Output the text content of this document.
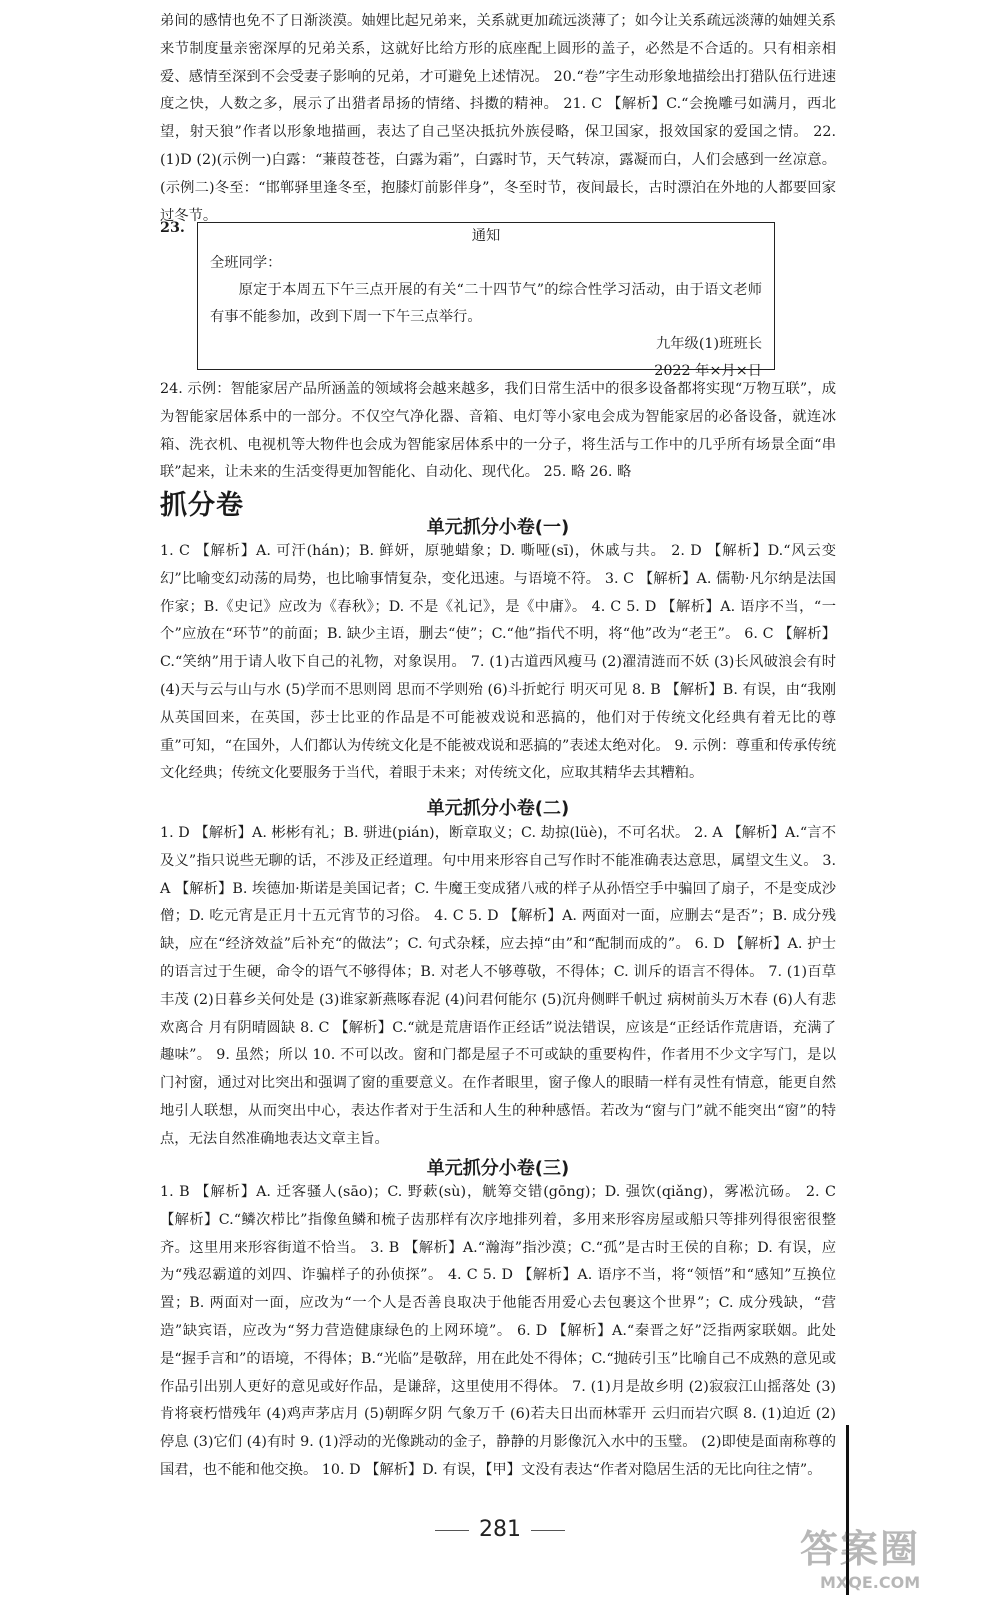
弟间的感情也免不了日渐淡漠。妯娌比起兄弟来，关系就更加疏远淡薄了；如今让关系疏远淡薄的妯娌关系来节制度量亲密深厚的兄弟关系，这就好比给方形的底座配上圆形的盖子，必然是不合适的。只有相亲相爱、感情至深到不会受妻子影响的兄弟，才可避免上述情况。 20.“卷”字生动形象地描绘出打猎队伍行进速度之快，人数之多，展示了出猎者昂扬的情绪、抖擞的精神。 21. C 【解析】C.“会挽雕弓如满月，西北望，射天狼”作者以形象地描画，表达了自己坚决抵抗外族侵略，保卫国家，报效国家的爱国之情。 22. (1)D (2)(示例一)白露：“蒹葭苍苍，白露为霜”，白露时节，天气转凉，露凝而白，人们会感到一丝凉意。(示例二)冬至：“邯郸驿里逢冬至，抱膝灯前影伴身”，冬至时节，夜间最长，古时漂泊在外地的人都要回家过冬节。
23.	通知
全班同学：
原定于本周五下午三点开展的有关“二十四节气”的综合性学习活动，由于语文老师有事不能参加，改到下周一下午三点举行。
九年级(1)班班长
2022 年×月×日
24. 示例：智能家居产品所涵盖的领域将会越来越多，我们日常生活中的很多设备都将实现“万物互联”，成为智能家居体系中的一部分。不仅空气净化器、音箱、电灯等小家电会成为智能家居的必备设备，就连冰箱、洗衣机、电视机等大物件也会成为智能家居体系中的一分子，将生活与工作中的几乎所有场景全面“串联”起来，让未来的生活变得更加智能化、自动化、现代化。 25. 略 26. 略
抓分卷
单元抓分小卷(一)
1. C 【解析】A. 可汗(hán)；B. 鲜妍，原驰蜡象；D. 嘶哑(sī)，休戚与共。 2. D 【解析】D.“风云变幻”比喻变幻动荡的局势，也比喻事情复杂，变化迅速。与语境不符。 3. C 【解析】A. 儒勒·凡尔纳是法国作家；B.《史记》应改为《春秋》；D. 不是《礼记》，是《中庸》。 4. C 5. D 【解析】A. 语序不当，“一个”应放在“环节”的前面；B. 缺少主语，删去“使”；C.“他”指代不明，将“他”改为“老王”。 6. C 【解析】C.“笑纳”用于请人收下自己的礼物，对象误用。 7. (1)古道西风瘦马 (2)濯清涟而不妖 (3)长风破浪会有时 (4)天与云与山与水 (5)学而不思则罔 思而不学则殆 (6)斗折蛇行 明灭可见 8. B 【解析】B. 有误，由“我刚从英国回来，在英国，莎士比亚的作品是不可能被戏说和恶搞的，他们对于传统文化经典有着无比的尊重”可知，“在国外，人们都认为传统文化是不能被戏说和恶搞的”表述太绝对化。 9. 示例：尊重和传承传统文化经典；传统文化要服务于当代，着眼于未来；对传统文化，应取其精华去其糟粕。
单元抓分小卷(二)
1. D 【解析】A. 彬彬有礼；B. 骈进(pián)，断章取义；C. 劫掠(lüè)，不可名状。 2. A 【解析】A.“言不及义”指只说些无聊的话，不涉及正经道理。句中用来形容自己写作时不能准确表达意思，属望文生义。 3. A 【解析】B. 埃德加·斯诺是美国记者；C. 牛魔王变成猪八戒的样子从孙悟空手中骗回了扇子，不是变成沙僧；D. 吃元宵是正月十五元宵节的习俗。 4. C 5. D 【解析】A. 两面对一面，应删去“是否”；B. 成分残缺，应在“经济效益”后补充“的做法”；C. 句式杂糅，应去掉“由”和“配制而成的”。 6. D 【解析】A. 护士的语言过于生硬，命令的语气不够得体；B. 对老人不够尊敬，不得体；C. 训斥的语言不得体。 7. (1)百草丰茂 (2)日暮乡关何处是 (3)谁家新燕啄春泥 (4)问君何能尔 (5)沉舟侧畔千帆过 病树前头万木春 (6)人有悲欢离合 月有阴晴圆缺 8. C 【解析】C.“就是荒唐语作正经话”说法错误，应该是“正经话作荒唐语，充满了趣味”。 9. 虽然；所以 10. 不可以改。窗和门都是屋子不可或缺的重要构件，作者用不少文字写门，是以门衬窗，通过对比突出和强调了窗的重要意义。在作者眼里，窗子像人的眼睛一样有灵性有情意，能更自然地引人联想，从而突出中心，表达作者对于生活和人生的种种感悟。若改为“窗与门”就不能突出“窗”的特点，无法自然准确地表达文章主旨。
单元抓分小卷(三)
1. B 【解析】A. 迁客骚人(sāo)；C. 野蔌(sù)，觥筹交错(gōng)；D. 强饮(qiǎng)，雾凇沆砀。 2. C 【解析】C.“鳞次栉比”指像鱼鳞和梳子齿那样有次序地排列着，多用来形容房屋或船只等排列得很密很整齐。这里用来形容街道不恰当。 3. B 【解析】A.“瀚海”指沙漠；C.“孤”是古时王侯的自称；D. 有误，应为“残忍霸道的刘四、诈骗样子的孙侦探”。 4. C 5. D 【解析】A. 语序不当，将“领悟”和“感知”互换位置；B. 两面对一面，应改为“一个人是否善良取决于他能否用爱心去包裹这个世界”；C. 成分残缺，“营造”缺宾语，应改为“努力营造健康绿色的上网环境”。 6. D 【解析】A.“秦晋之好”泛指两家联姻。此处是“握手言和”的语境，不得体；B.“光临”是敬辞，用在此处不得体；C.“抛砖引玉”比喻自己不成熟的意见或作品引出别人更好的意见或好作品，是谦辞，这里使用不得体。 7. (1)月是故乡明 (2)寂寂江山摇落处 (3)肯将衰朽惜残年 (4)鸡声茅店月 (5)朝晖夕阴 气象万千 (6)若夫日出而林霏开 云归而岩穴暝 8. (1)迫近 (2)停息 (3)它们 (4)有时 9. (1)浮动的光像跳动的金子，静静的月影像沉入水中的玉璧。 (2)即使是面南称尊的国君，也不能和他交换。 10. D 【解析】D. 有误，【甲】文没有表达“作者对隐居生活的无比向往之情”。
281	答案圈
MXQE.COM
